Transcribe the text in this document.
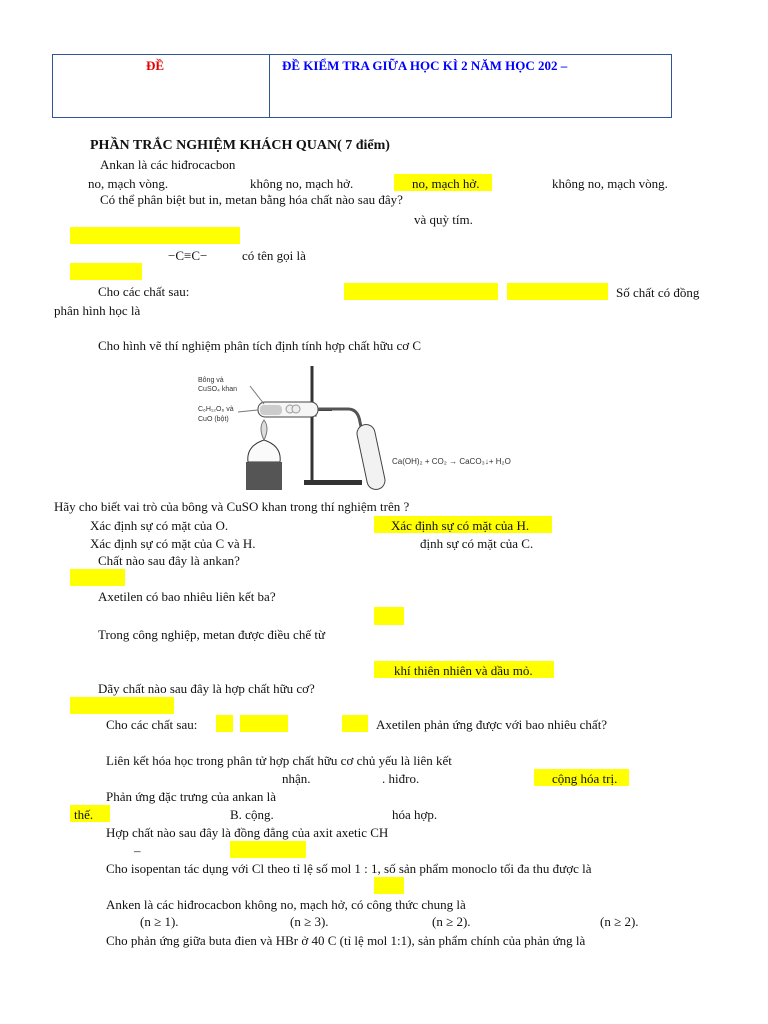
ĐỀ	ĐỀ KIỂM TRA GIỮA HỌC KÌ 2 NĂM HỌC 202 –
PHẦN TRẮC NGHIỆM KHÁCH QUAN( 7 điểm)
Ankan là các hiđrocacbon
no, mạch vòng.	không no, mạch hở.	no, mạch hở.	không no, mạch vòng.
Có thể phân biệt but in, metan bằng hóa chất nào sau đây?
và quỳ tím.
−C≡C−	có tên gọi là
Cho các chất sau:	Số chất có đồng
phân hình học là
Cho hình vẽ thí nghiệm phân tích định tính hợp chất hữu cơ C
Bông và
CuSO₄ khan
C₆H₁₂O₆ và
CuO (bột)
Ca(OH)₂ + CO₂ → CaCO₃↓+ H₂O
Hãy cho biết vai trò của bông và CuSO khan trong thí nghiệm trên ?
Xác định sự có mặt của O.	Xác định sự có mặt của H.
Xác định sự có mặt của C và H.	định sự có mặt của C.
Chất nào sau đây là ankan?
Axetilen có bao nhiêu liên kết ba?
Trong công nghiệp, metan được điều chế từ
khí thiên nhiên và dầu mỏ.
Dãy chất nào sau đây là hợp chất hữu cơ?
Cho các chất sau:	Axetilen phản ứng được với bao nhiêu chất?
Liên kết hóa học trong phân tử hợp chất hữu cơ chủ yếu là liên kết
nhận.	. hiđro.	cộng hóa trị.
Phản ứng đặc trưng của ankan là
thế.	B. cộng.	hóa hợp.
Hợp chất nào sau đây là đồng đẳng của axit axetic CH
–
Cho isopentan tác dụng với Cl theo tỉ lệ số mol 1 : 1, số sản phẩm monoclo tối đa thu được là
Anken là các hiđrocacbon không no, mạch hở, có công thức chung là
(n ≥ 1).	(n ≥ 3).	(n ≥ 2).	(n ≥ 2).
Cho phản ứng giữa buta đien và HBr ở 40 C (tỉ lệ mol 1:1), sản phẩm chính của phản ứng là
